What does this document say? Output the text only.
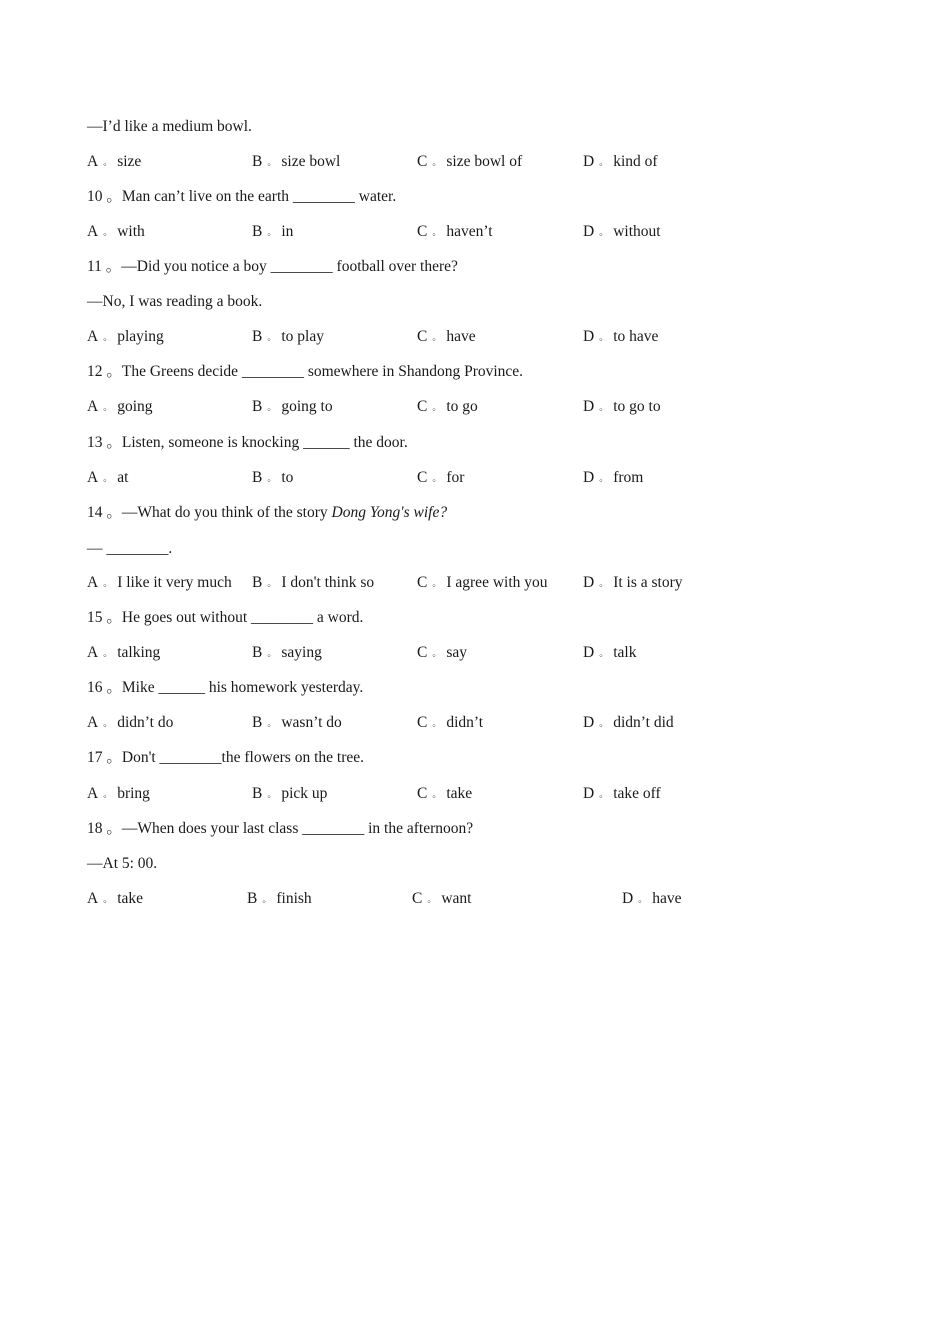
—I’d like a medium bowl.
A 。 size	B 。 size bowl	C 。 size bowl of	D 。 kind of
10 。Man can’t live on the earth ________ water.
A 。 with	B 。 in	C 。 haven’t	D 。 without
11 。—Did you notice a boy ________ football over there?
—No, I was reading a book.
A 。 playing	B 。 to play	C 。 have	D 。 to have
12 。The Greens decide ________ somewhere in Shandong Province.
A 。 going	B 。 going to	C 。 to go	D 。 to go to
13 。Listen, someone is knocking ______ the door.
A 。 at	B 。 to	C 。 for	D 。 from
14 。—What do you think of the story Dong Yong's wife?
— ________.
A 。 I like it very much B 。 I don't think so	C 。 I agree with you D 。 It is a story
15 。He goes out without ________ a word.
A 。 talking	B 。 saying	C 。 say	D 。 talk
16 。Mike ______ his homework yesterday.
A 。 didn’t do	B 。 wasn’t do	C 。 didn’t	D 。 didn’t did
17 。Don't ________the flowers on the tree.
A 。 bring	B 。 pick up	C 。 take	D 。 take off
18 。—When does your last class ________ in the afternoon?
—At 5: 00.
A 。 take	B 。 finish	C 。 want	D 。 have
